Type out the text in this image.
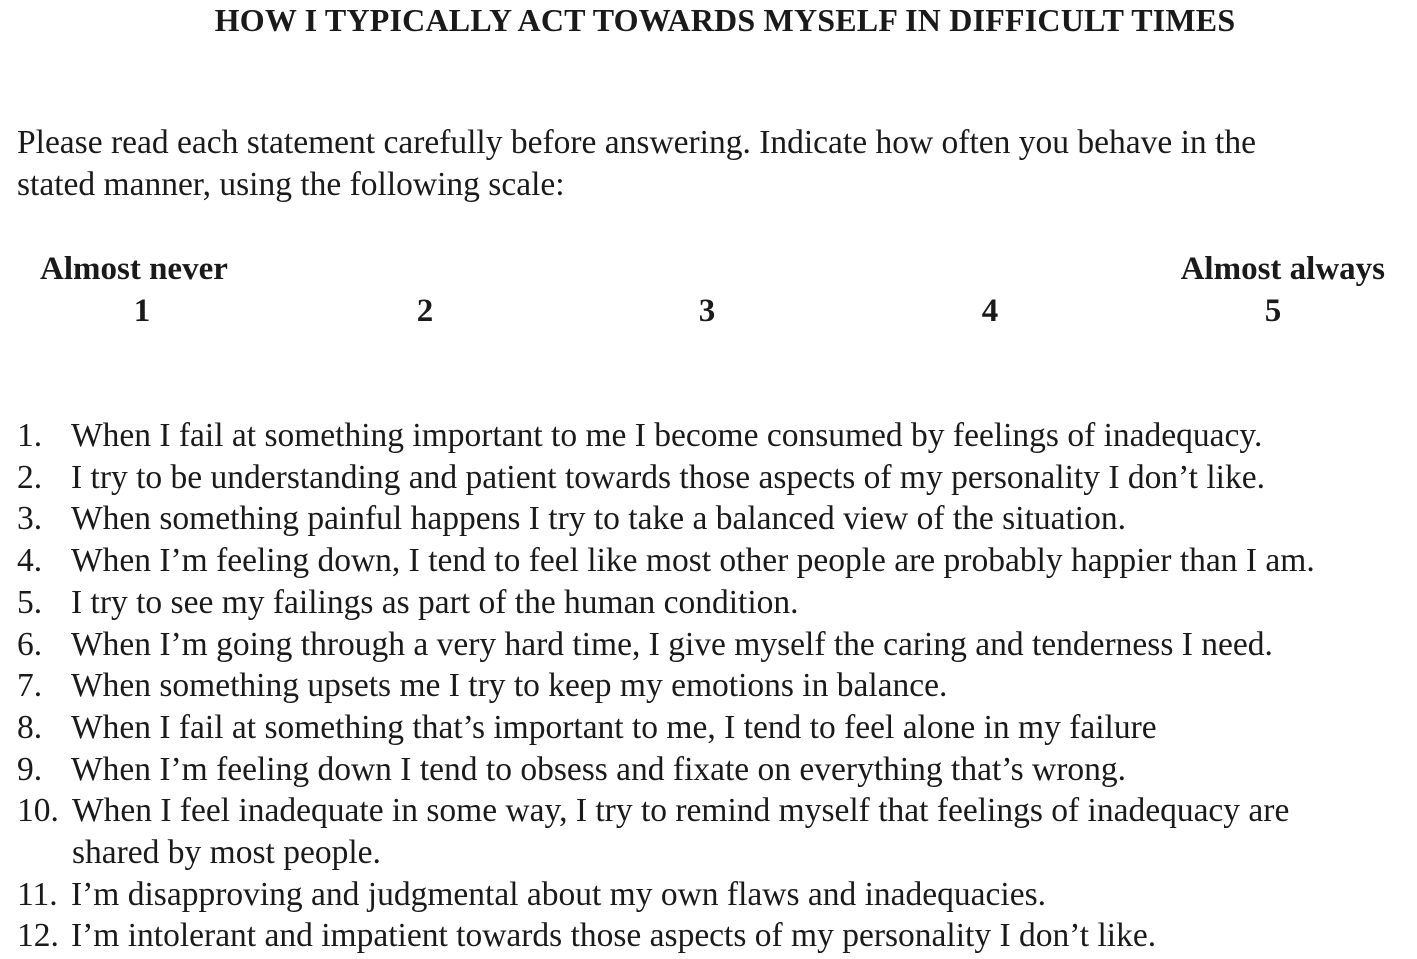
HOW I TYPICALLY ACT TOWARDS MYSELF IN DIFFICULT TIMES
Please read each statement carefully before answering. Indicate how often you behave in the
stated manner, using the following scale:
Almost never	Almost always
1	2	3	4	5
1. When I fail at something important to me I become consumed by feelings of inadequacy.
2. I try to be understanding and patient towards those aspects of my personality I don’t like.
3. When something painful happens I try to take a balanced view of the situation.
4. When I’m feeling down, I tend to feel like most other people are probably happier than I am.
5. I try to see my failings as part of the human condition.
6. When I’m going through a very hard time, I give myself the caring and tenderness I need.
7. When something upsets me I try to keep my emotions in balance.
8. When I fail at something that’s important to me, I tend to feel alone in my failure
9. When I’m feeling down I tend to obsess and fixate on everything that’s wrong.
10. When I feel inadequate in some way, I try to remind myself that feelings of inadequacy are
shared by most people.
11. I’m disapproving and judgmental about my own flaws and inadequacies.
12. I’m intolerant and impatient towards those aspects of my personality I don’t like.
